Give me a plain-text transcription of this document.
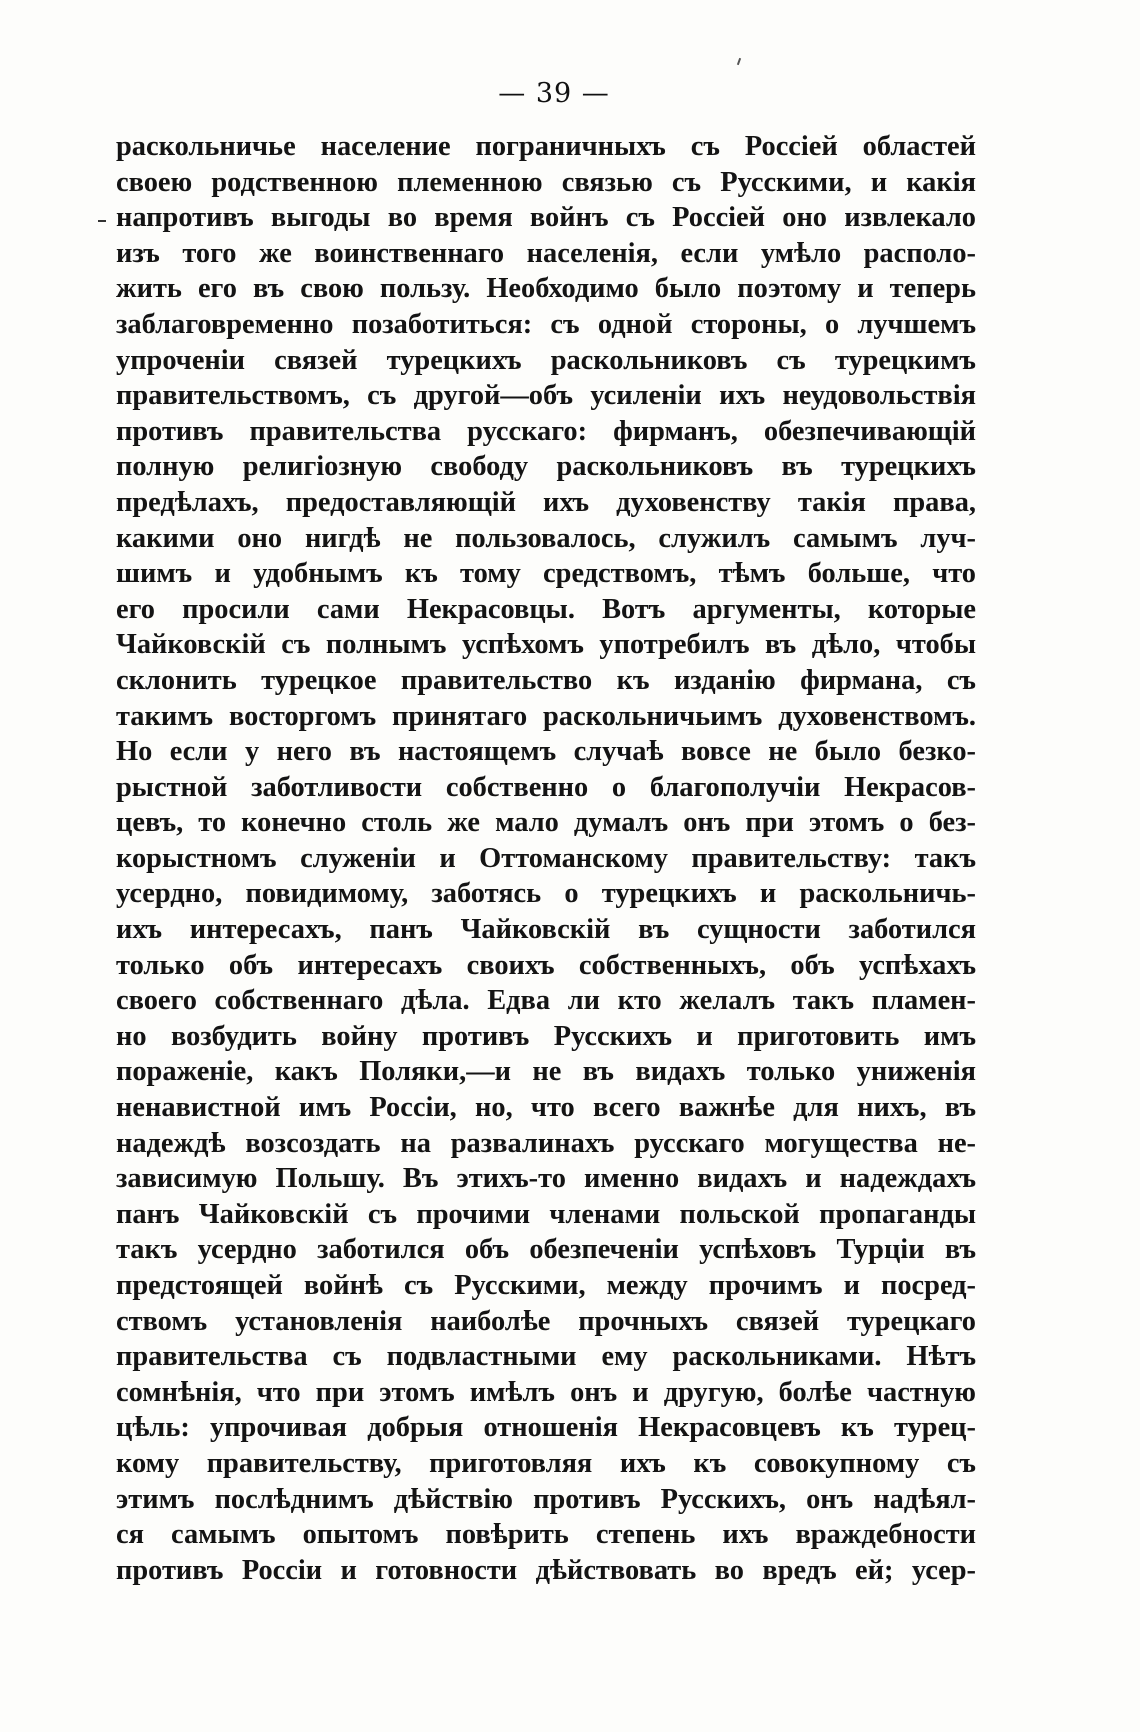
— 39 —
раскольничье население пограничныхъ съ Россіей областей
своею родственною племенною связью съ Русскими, и какія
напротивъ выгоды во время войнъ съ Россіей оно извлекало
изъ того же воинственнаго населенія, если умѣло располо-
жить его въ свою пользу. Необходимо было поэтому и теперь
заблаговременно позаботиться: съ одной стороны, о лучшемъ
упроченіи связей турецкихъ раскольниковъ съ турецкимъ
правительствомъ, съ другой—объ усиленіи ихъ неудовольствія
противъ правительства русскаго: фирманъ, обезпечивающій
полную религіозную свободу раскольниковъ въ турецкихъ
предѣлахъ, предоставляющій ихъ духовенству такія права,
какими оно нигдѣ не пользовалось, служилъ самымъ луч-
шимъ и удобнымъ къ тому средствомъ, тѣмъ больше, что
его просили сами Некрасовцы. Вотъ аргументы, которые
Чайковскій съ полнымъ успѣхомъ употребилъ въ дѣло, чтобы
склонить турецкое правительство къ изданію фирмана, съ
такимъ восторгомъ принятаго раскольничьимъ духовенствомъ.
Но если у него въ настоящемъ случаѣ вовсе не было безко-
рыстной заботливости собственно о благополучіи Некрасов-
цевъ, то конечно столь же мало думалъ онъ при этомъ о без-
корыстномъ служеніи и Оттоманскому правительству: такъ
усердно, повидимому, заботясь о турецкихъ и раскольничь-
ихъ интересахъ, панъ Чайковскій въ сущности заботился
только объ интересахъ своихъ собственныхъ, объ успѣхахъ
своего собственнаго дѣла. Едва ли кто желалъ такъ пламен-
но возбудить войну противъ Русскихъ и приготовить имъ
пораженіе, какъ Поляки,—и не въ видахъ только униженія
ненавистной имъ Россіи, но, что всего важнѣе для нихъ, въ
надеждѣ возсоздать на развалинахъ русскаго могущества не-
зависимую Польшу. Въ этихъ-то именно видахъ и надеждахъ
панъ Чайковскій съ прочими членами польской пропаганды
такъ усердно заботился объ обезпеченіи успѣховъ Турціи въ
предстоящей войнѣ съ Русскими, между прочимъ и посред-
ствомъ установленія наиболѣе прочныхъ связей турецкаго
правительства съ подвластными ему раскольниками. Нѣтъ
сомнѣнія, что при этомъ имѣлъ онъ и другую, болѣе частную
цѣль: упрочивая добрыя отношенія Некрасовцевъ къ турец-
кому правительству, приготовляя ихъ къ совокупному съ
этимъ послѣднимъ дѣйствію противъ Русскихъ, онъ надѣял-
ся самымъ опытомъ повѣрить степень ихъ враждебности
противъ Россіи и готовности дѣйствовать во вредъ ей; усер-
